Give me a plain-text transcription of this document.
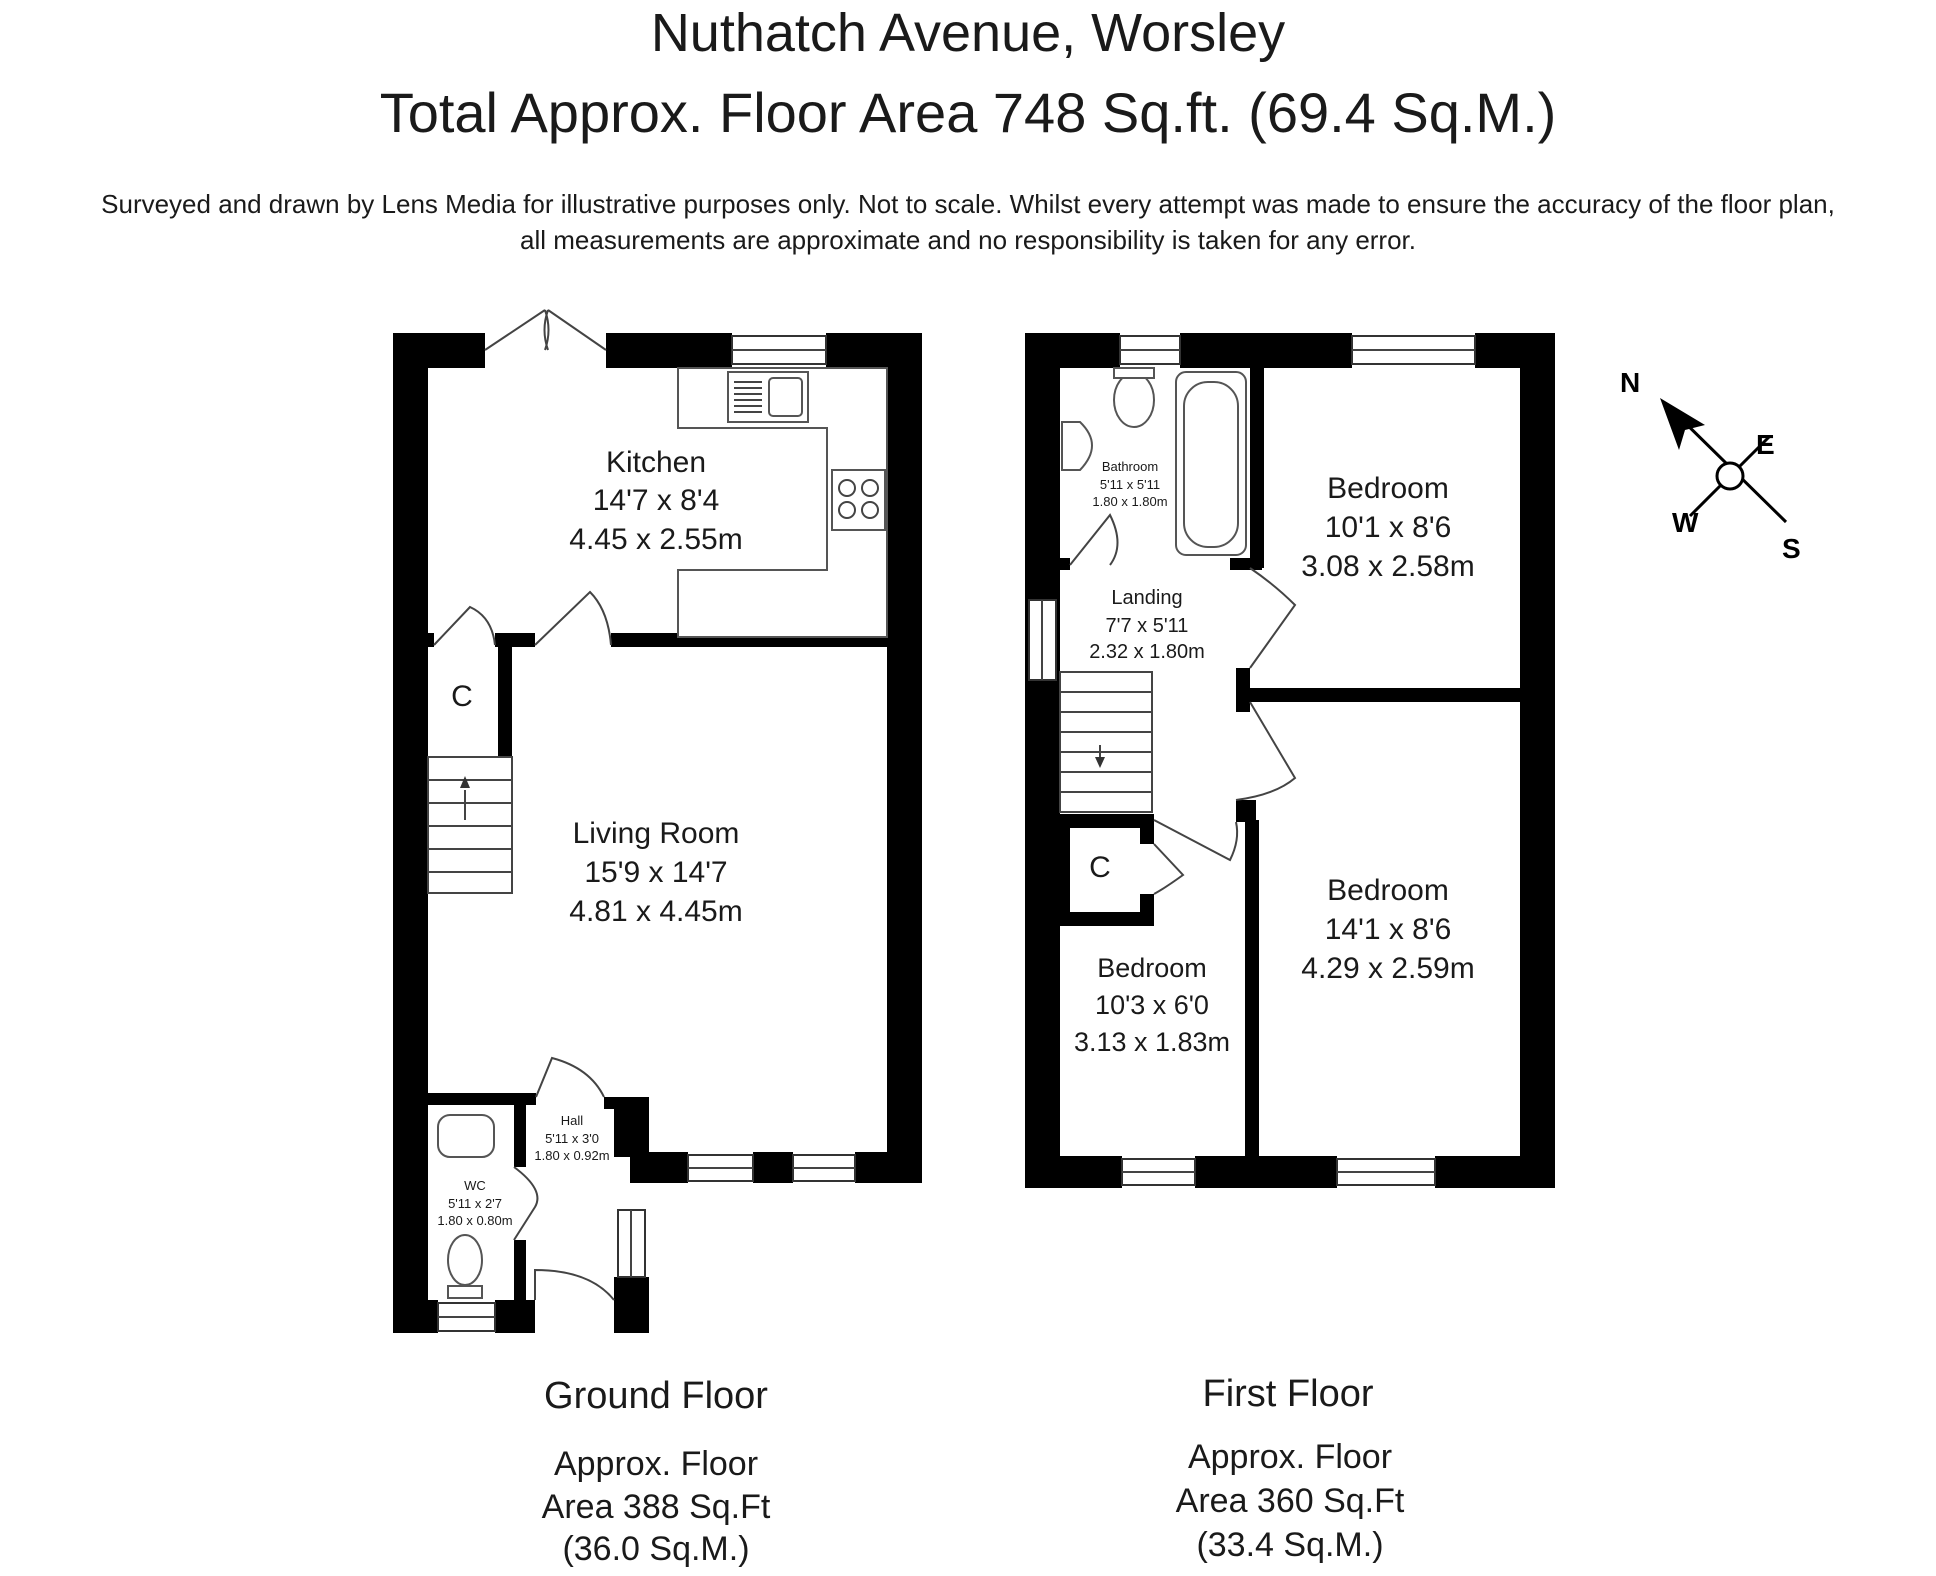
Nuthatch Avenue, Worsley
Total Approx. Floor Area 748 Sq.ft. (69.4 Sq.M.)
Surveyed and drawn by Lens Media for illustrative purposes only. Not to scale. Whilst every attempt was made to ensure the accuracy of the floor plan,
all measurements are approximate and no responsibility is taken for any error.
Kitchen
14'7 x 8'4
4.45 x 2.55m
C
Living Room
15'9 x 14'7
4.81 x 4.45m
Hall
5'11 x 3'0
1.80 x 0.92m
WC
5'11 x 2'7
1.80 x 0.80m
Ground Floor
Approx. Floor
Area 388 Sq.Ft
(36.0 Sq.M.)
Bathroom
5'11 x 5'11
1.80 x 1.80m
Landing
7'7 x 5'11
2.32 x 1.80m
Bedroom
10'1 x 8'6
3.08 x 2.58m
Bedroom
14'1 x 8'6
4.29 x 2.59m
C
Bedroom
10'3 x 6'0
3.13 x 1.83m
First Floor
Approx. Floor
Area 360 Sq.Ft
(33.4 Sq.M.)
N
E
S
W
